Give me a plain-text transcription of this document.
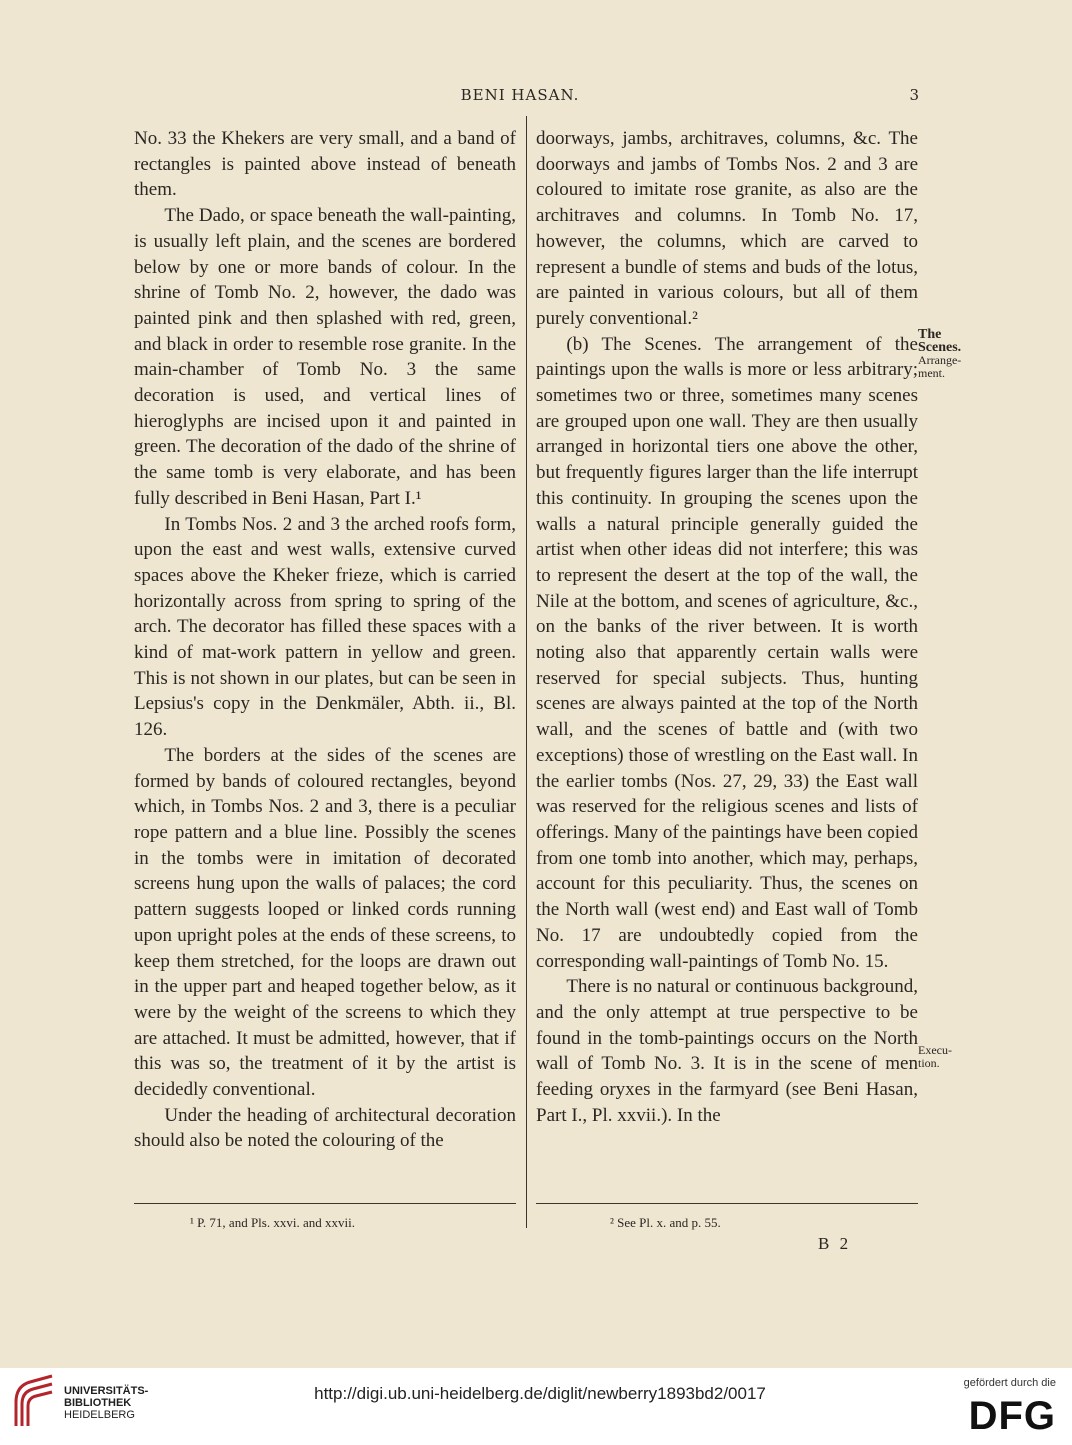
BENI HASAN.	3

No. 33 the Khekers are very small, and a band of rectangles is painted above instead of beneath them.

The Dado, or space beneath the wall-painting, is usually left plain, and the scenes are bordered below by one or more bands of colour. In the shrine of Tomb No. 2, however, the dado was painted pink and then splashed with red, green, and black in order to resemble rose granite. In the main-chamber of Tomb No. 3 the same decoration is used, and vertical lines of hieroglyphs are incised upon it and painted in green. The decoration of the dado of the shrine of the same tomb is very elaborate, and has been fully described in Beni Hasan, Part I.¹

In Tombs Nos. 2 and 3 the arched roofs form, upon the east and west walls, extensive curved spaces above the Kheker frieze, which is carried horizontally across from spring to spring of the arch. The decorator has filled these spaces with a kind of mat-work pattern in yellow and green. This is not shown in our plates, but can be seen in Lepsius's copy in the Denkmäler, Abth. ii., Bl. 126.

The borders at the sides of the scenes are formed by bands of coloured rectangles, beyond which, in Tombs Nos. 2 and 3, there is a peculiar rope pattern and a blue line. Possibly the scenes in the tombs were in imitation of decorated screens hung upon the walls of palaces; the cord pattern suggests looped or linked cords running upon upright poles at the ends of these screens, to keep them stretched, for the loops are drawn out in the upper part and heaped together below, as it were by the weight of the screens to which they are attached. It must be admitted, however, that if this was so, the treatment of it by the artist is decidedly conventional.

Under the heading of architectural decoration should also be noted the colouring of the

doorways, jambs, architraves, columns, &c. The doorways and jambs of Tombs Nos. 2 and 3 are coloured to imitate rose granite, as also are the architraves and columns. In Tomb No. 17, however, the columns, which are carved to represent a bundle of stems and buds of the lotus, are painted in various colours, but all of them purely conventional.²

(b) The Scenes. The arrangement of the paintings upon the walls is more or less arbitrary; sometimes two or three, sometimes many scenes are grouped upon one wall. They are then usually arranged in horizontal tiers one above the other, but frequently figures larger than the life interrupt this continuity. In grouping the scenes upon the walls a natural principle generally guided the artist when other ideas did not interfere; this was to represent the desert at the top of the wall, the Nile at the bottom, and scenes of agriculture, &c., on the banks of the river between. It is worth noting also that apparently certain walls were reserved for special subjects. Thus, hunting scenes are always painted at the top of the North wall, and the scenes of battle and (with two exceptions) those of wrestling on the East wall. In the earlier tombs (Nos. 27, 29, 33) the East wall was reserved for the religious scenes and lists of offerings. Many of the paintings have been copied from one tomb into another, which may, perhaps, account for this peculiarity. Thus, the scenes on the North wall (west end) and East wall of Tomb No. 17 are undoubtedly copied from the corresponding wall-paintings of Tomb No. 15.

There is no natural or continuous background, and the only attempt at true perspective to be found in the tomb-paintings occurs on the North wall of Tomb No. 3. It is in the scene of men feeding oryxes in the farmyard (see Beni Hasan, Part I., Pl. xxvii.). In the

The
Scenes.
Arrange-
ment.
Execu-
tion.
¹ P. 71, and Pls. xxvi. and xxvii.	² See Pl. x. and p. 55.
B 2
UNIVERSITÄTS-
BIBLIOTHEK
HEIDELBERG
http://digi.ub.uni-heidelberg.de/diglit/newberry1893bd2/0017
gefördert durch die
DFG
